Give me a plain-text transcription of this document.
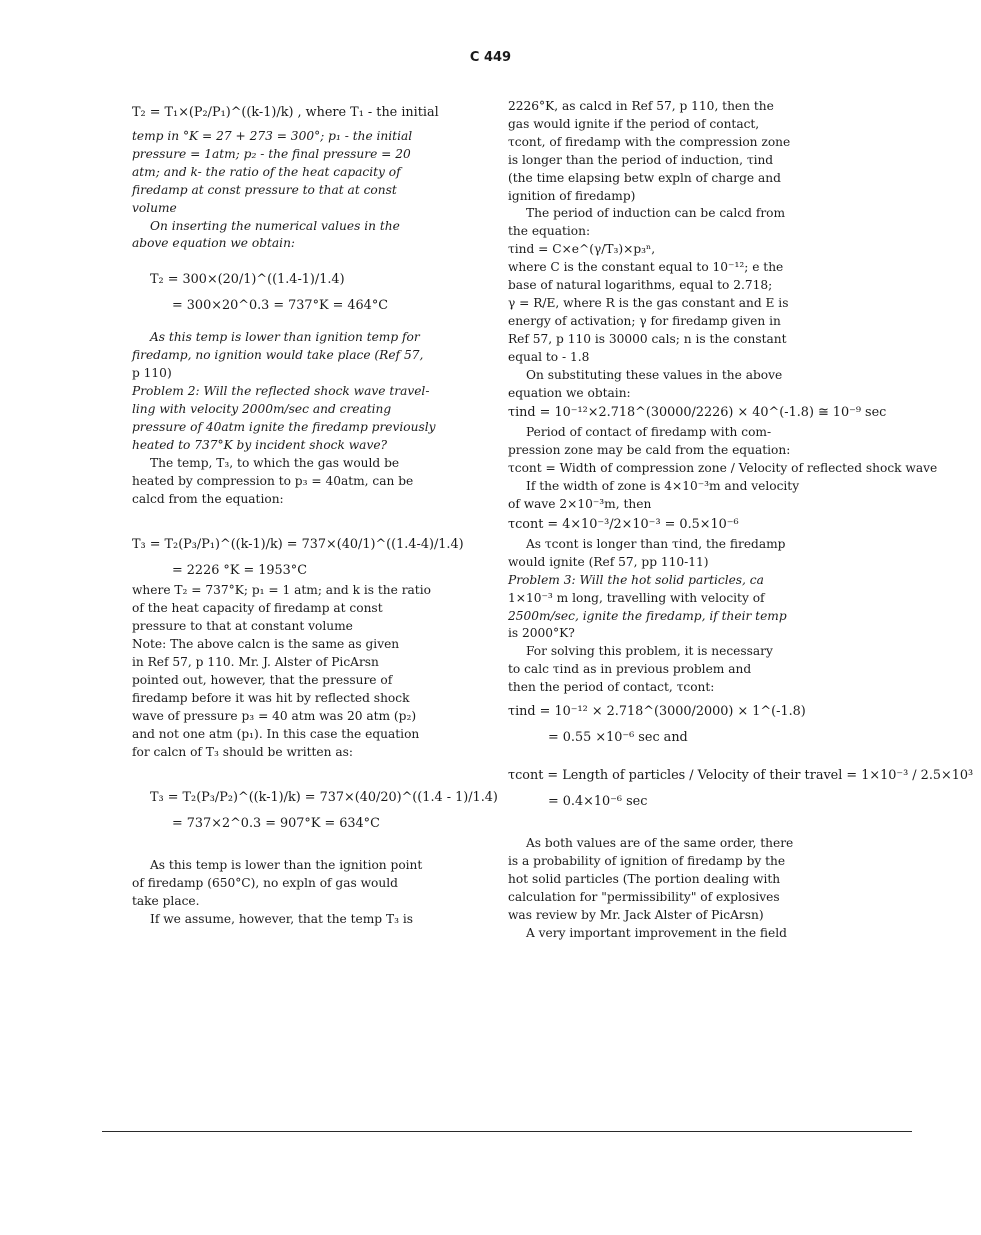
C 449
T₂ = T₁×(P₂/P₁)^((k-1)/k) , where T₁ - the initial
temp in °K = 27 + 273 = 300°; p₁ - the initial
pressure = 1atm; p₂ - the final pressure = 20
atm; and k- the ratio of the heat capacity of
firedamp at const pressure to that at const
volume
On inserting the numerical values in the
above equation we obtain:
T₂ = 300×(20/1)^((1.4-1)/1.4)
= 300×20^0.3 = 737°K = 464°C
As this temp is lower than ignition temp for
firedamp, no ignition would take place (Ref 57,
p 110)
Problem 2: Will the reflected shock wave travel-
ling with velocity 2000m/sec and creating
pressure of 40atm ignite the firedamp previously
heated to 737°K by incident shock wave?
The temp, T₃, to which the gas would be
heated by compression to p₃ = 40atm, can be
calcd from the equation:
T₃ = T₂(P₃/P₁)^((k-1)/k) = 737×(40/1)^((1.4-4)/1.4)
= 2226 °K = 1953°C
where T₂ = 737°K; p₁ = 1 atm; and k is the ratio
of the heat capacity of firedamp at const
pressure to that at constant volume
Note: The above calcn is the same as given
in Ref 57, p 110. Mr. J. Alster of PicArsn
pointed out, however, that the pressure of
firedamp before it was hit by reflected shock
wave of pressure p₃ = 40 atm was 20 atm (p₂)
and not one atm (p₁). In this case the equation
for calcn of T₃ should be written as:
T₃ = T₂(P₃/P₂)^((k-1)/k) = 737×(40/20)^((1.4 - 1)/1.4)
= 737×2^0.3 = 907°K = 634°C
As this temp is lower than the ignition point
of firedamp (650°C), no expln of gas would
take place.
If we assume, however, that the temp T₃ is
2226°K, as calcd in Ref 57, p 110, then the
gas would ignite if the period of contact,
τcont, of firedamp with the compression zone
is longer than the period of induction, τind
(the time elapsing betw expln of charge and
ignition of firedamp)
The period of induction can be calcd from
the equation:
τind = C×e^(γ/T₃)×p₃ⁿ,
where C is the constant equal to 10⁻¹²; e the
base of natural logarithms, equal to 2.718;
γ = R/E, where R is the gas constant and E is
energy of activation; γ for firedamp given in
Ref 57, p 110 is 30000 cals; n is the constant
equal to - 1.8
On substituting these values in the above
equation we obtain:
τind = 10⁻¹²×2.718^(30000/2226) × 40^(-1.8) ≅ 10⁻⁹ sec
Period of contact of firedamp with com-
pression zone may be cald from the equation:
τcont = Width of compression zone / Velocity of reflected shock wave
If the width of zone is 4×10⁻³m and velocity
of wave 2×10⁻³m, then
τcont = 4×10⁻³/2×10⁻³ = 0.5×10⁻⁶
As τcont is longer than τind, the firedamp
would ignite (Ref 57, pp 110-11)
Problem 3: Will the hot solid particles, ca
1×10⁻³ m long, travelling with velocity of
2500m/sec, ignite the firedamp, if their temp
is 2000°K?
For solving this problem, it is necessary
to calc τind as in previous problem and
then the period of contact, τcont:
τind = 10⁻¹² × 2.718^(3000/2000) × 1^(-1.8)
= 0.55 ×10⁻⁶ sec and
τcont = Length of particles / Velocity of their travel = 1×10⁻³ / 2.5×10³
= 0.4×10⁻⁶ sec
As both values are of the same order, there
is a probability of ignition of firedamp by the
hot solid particles (The portion dealing with
calculation for "permissibility" of explosives
was review by Mr. Jack Alster of PicArsn)
A very important improvement in the field
